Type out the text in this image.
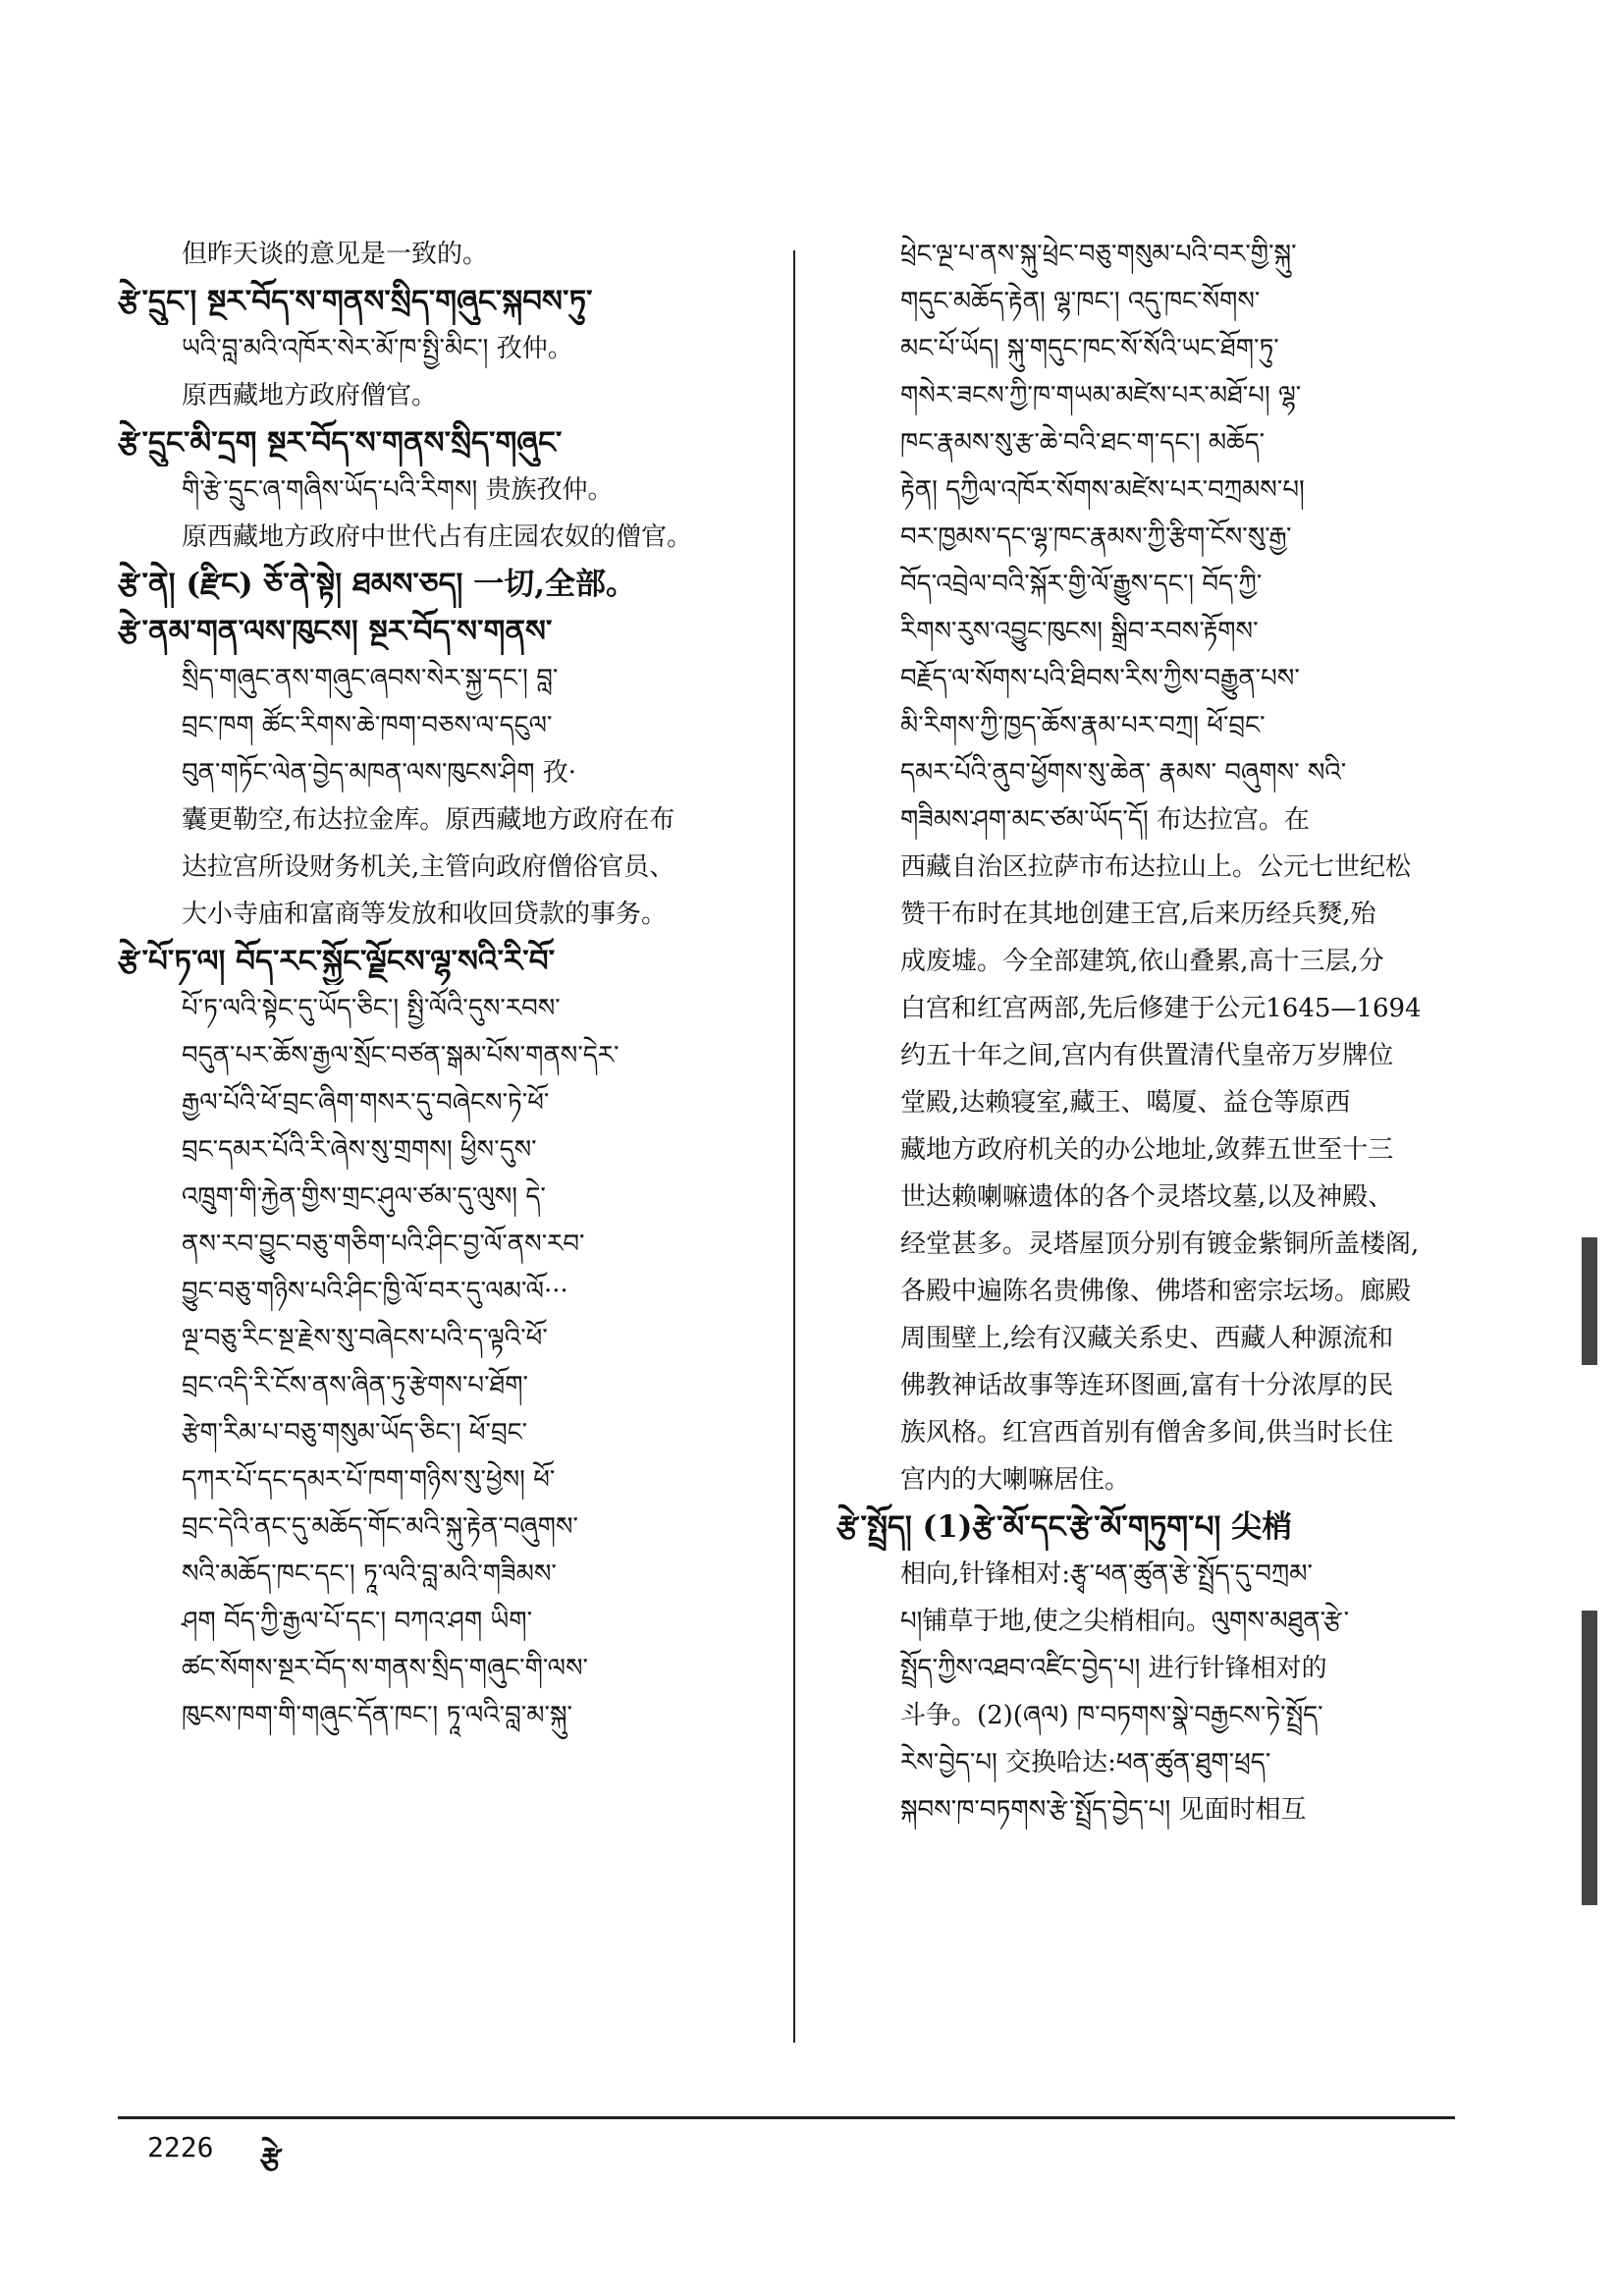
但昨天谈的意见是一致的。
རྩེ་དྲུང་། སྔར་བོད་ས་གནས་སྲིད་གཞུང་སྐབས་ཏུ་
ཡའི་བླ་མའི་འཁོར་སེར་མོ་ཁ་སྤྱི་མིང་། 孜仲。
原西藏地方政府僧官。
རྩེ་དྲུང་མི་དྲག སྔར་བོད་ས་གནས་སྲིད་གཞུང་
གི་རྩེ་དྲུང་ཞ་གཞིས་ཡོད་པའི་རིགས། 贵族孜仲。
原西藏地方政府中世代占有庄园农奴的僧官。
རྩེ་ནེ། (རྫིང) ཅོ་ནེ་སྟེ། ཐམས་ཅད། 一切,全部。
རྩེ་ནམ་གན་ལས་ཁུངས། སྔར་བོད་ས་གནས་
སྲིད་གཞུང་ནས་གཞུང་ཞབས་སེར་སྐྱ་དང་། བླ་
བྲང་ཁག ཚོང་རིགས་ཆེ་ཁག་བཅས་ལ་དངུལ་
བུན་གཏོང་ལེན་བྱེད་མཁན་ལས་ཁུངས་ཤིག 孜·
囊更勒空,布达拉金库。原西藏地方政府在布
达拉宫所设财务机关,主管向政府僧俗官员、
大小寺庙和富商等发放和收回贷款的事务。
རྩེ་པོ་ཏ་ལ། བོད་རང་སྐྱོང་ལྗོངས་ལྷ་སའི་རི་བོ་
པོ་ཏ་ལའི་སྟེང་དུ་ཡོད་ཅིང་། སྤྱི་ལོའི་དུས་རབས་
བདུན་པར་ཆོས་རྒྱལ་སྲོང་བཙན་སྒམ་པོས་གནས་དེར་
རྒྱལ་པོའི་ཕོ་བྲང་ཞིག་གསར་དུ་བཞེངས་ཏེ་ཕོ་
བྲང་དམར་པོའི་རི་ཞེས་སུ་གྲགས། ཕྱིས་དུས་
འཁྲུག་གི་རྐྱེན་གྱིས་གྲང་ཤུལ་ཙམ་དུ་ལུས། དེ་
ནས་རབ་བྱུང་བཅུ་གཅིག་པའི་ཤིང་བྱ་ལོ་ནས་རབ་
བྱུང་བཅུ་གཉིས་པའི་ཤིང་ཁྱི་ལོ་བར་དུ་ལམ་ལོ···
ལྔ་བཅུ་རིང་སྔ་རྗེས་སུ་བཞེངས་པའི་ད་ལྟའི་ཕོ་
བྲང་འདི་རི་ངོས་ནས་ཞིན་ཏུ་རྩེགས་པ་ཐོག་
རྩེག་རིམ་པ་བཅུ་གསུམ་ཡོད་ཅིང་། ཕོ་བྲང་
དཀར་པོ་དང་དམར་པོ་ཁག་གཉིས་སུ་ཕྱེས། ཕོ་
བྲང་དེའི་ནང་དུ་མཆོད་གོང་མའི་སྐུ་རྟེན་བཞུགས་
སའི་མཆོད་ཁང་དང་། ཏཱ་ལའི་བླ་མའི་གཟིམས་
ཤག བོད་ཀྱི་རྒྱལ་པོ་དང་། བཀའ་ཤག ཡིག་
ཚང་སོགས་སྔར་བོད་ས་གནས་སྲིད་གཞུང་གི་ལས་
ཁུངས་ཁག་གི་གཞུང་དོན་ཁང་། ཏཱ་ལའི་བླ་མ་སྐུ་
ཕྲེང་ལྔ་པ་ནས་སྐུ་ཕྲེང་བཅུ་གསུམ་པའི་བར་གྱི་སྐུ་
གདུང་མཆོད་རྟེན། ལྷ་ཁང་། འདུ་ཁང་སོགས་
མང་པོ་ཡོད། སྐུ་གདུང་ཁང་སོ་སོའི་ཡང་ཐོག་ཏུ་
གསེར་ཟངས་ཀྱི་ཁ་གཡམ་མཛེས་པར་མཐོ་པ། ལྷ་
ཁང་རྣམས་སུ་རྩ་ཆེ་བའི་ཐང་ག་དང་། མཆོད་
རྟེན། དཀྱིལ་འཁོར་སོགས་མཛེས་པར་བཀྲམས་པ།
བར་ཁྱམས་དང་ལྷ་ཁང་རྣམས་ཀྱི་རྩིག་ངོས་སུ་རྒྱ་
བོད་འབྲེལ་བའི་སྐོར་གྱི་ལོ་རྒྱུས་དང་། བོད་ཀྱི་
རིགས་རུས་འབྱུང་ཁུངས། སྒྲིབ་རབས་རྟོགས་
བརྗོད་ལ་སོགས་པའི་ཐིབས་རིས་ཀྱིས་བརྒྱུན་པས་
མི་རིགས་ཀྱི་ཁྱད་ཆོས་རྣམ་པར་བཀྲ། ཕོ་བྲང་
དམར་པོའི་ནུབ་ཕྱོགས་སུ་ཆེན་ རྣམས་ བཞུགས་ སའི་
གཟིམས་ཤག་མང་ཙམ་ཡོད་དོ། 布达拉宫。在
西藏自治区拉萨市布达拉山上。公元七世纪松
赞干布时在其地创建王宫,后来历经兵燹,殆
成废墟。今全部建筑,依山叠累,高十三层,分
白宫和红宫两部,先后修建于公元1645—1694
约五十年之间,宫内有供置清代皇帝万岁牌位
堂殿,达赖寝室,藏王、噶厦、益仓等原西
藏地方政府机关的办公地址,敛葬五世至十三
世达赖喇嘛遗体的各个灵塔坟墓,以及神殿、
经堂甚多。灵塔屋顶分别有镀金紫铜所盖楼阁,
各殿中遍陈名贵佛像、佛塔和密宗坛场。廊殿
周围壁上,绘有汉藏关系史、西藏人种源流和
佛教神话故事等连环图画,富有十分浓厚的民
族风格。红宫西首别有僧舍多间,供当时长住
宫内的大喇嘛居住。
རྩེ་སྤྲོད། (1)རྩེ་མོ་དང་རྩེ་མོ་གཏུག་པ། 尖梢
相向,针锋相对:རྩྭ་ཕན་ཚུན་རྩེ་སྤྲོད་དུ་བཀྲམ་
པ།铺草于地,使之尖梢相向。ལུགས་མཐུན་རྩེ་
སྤྲོད་ཀྱིས་འཐབ་འཛིང་བྱེད་པ། 进行针锋相对的
斗争。(2)(ཞལ) ཁ་བཏགས་སྣེ་བརྒྱངས་ཏེ་སྤྲོད་
རེས་བྱེད་པ། 交换哈达:ཕན་ཚུན་ཐུག་ཕྲད་
སྐབས་ཁ་བཏགས་རྩེ་སྤྲོད་བྱེད་པ། 见面时相互
2226 རྩེ
